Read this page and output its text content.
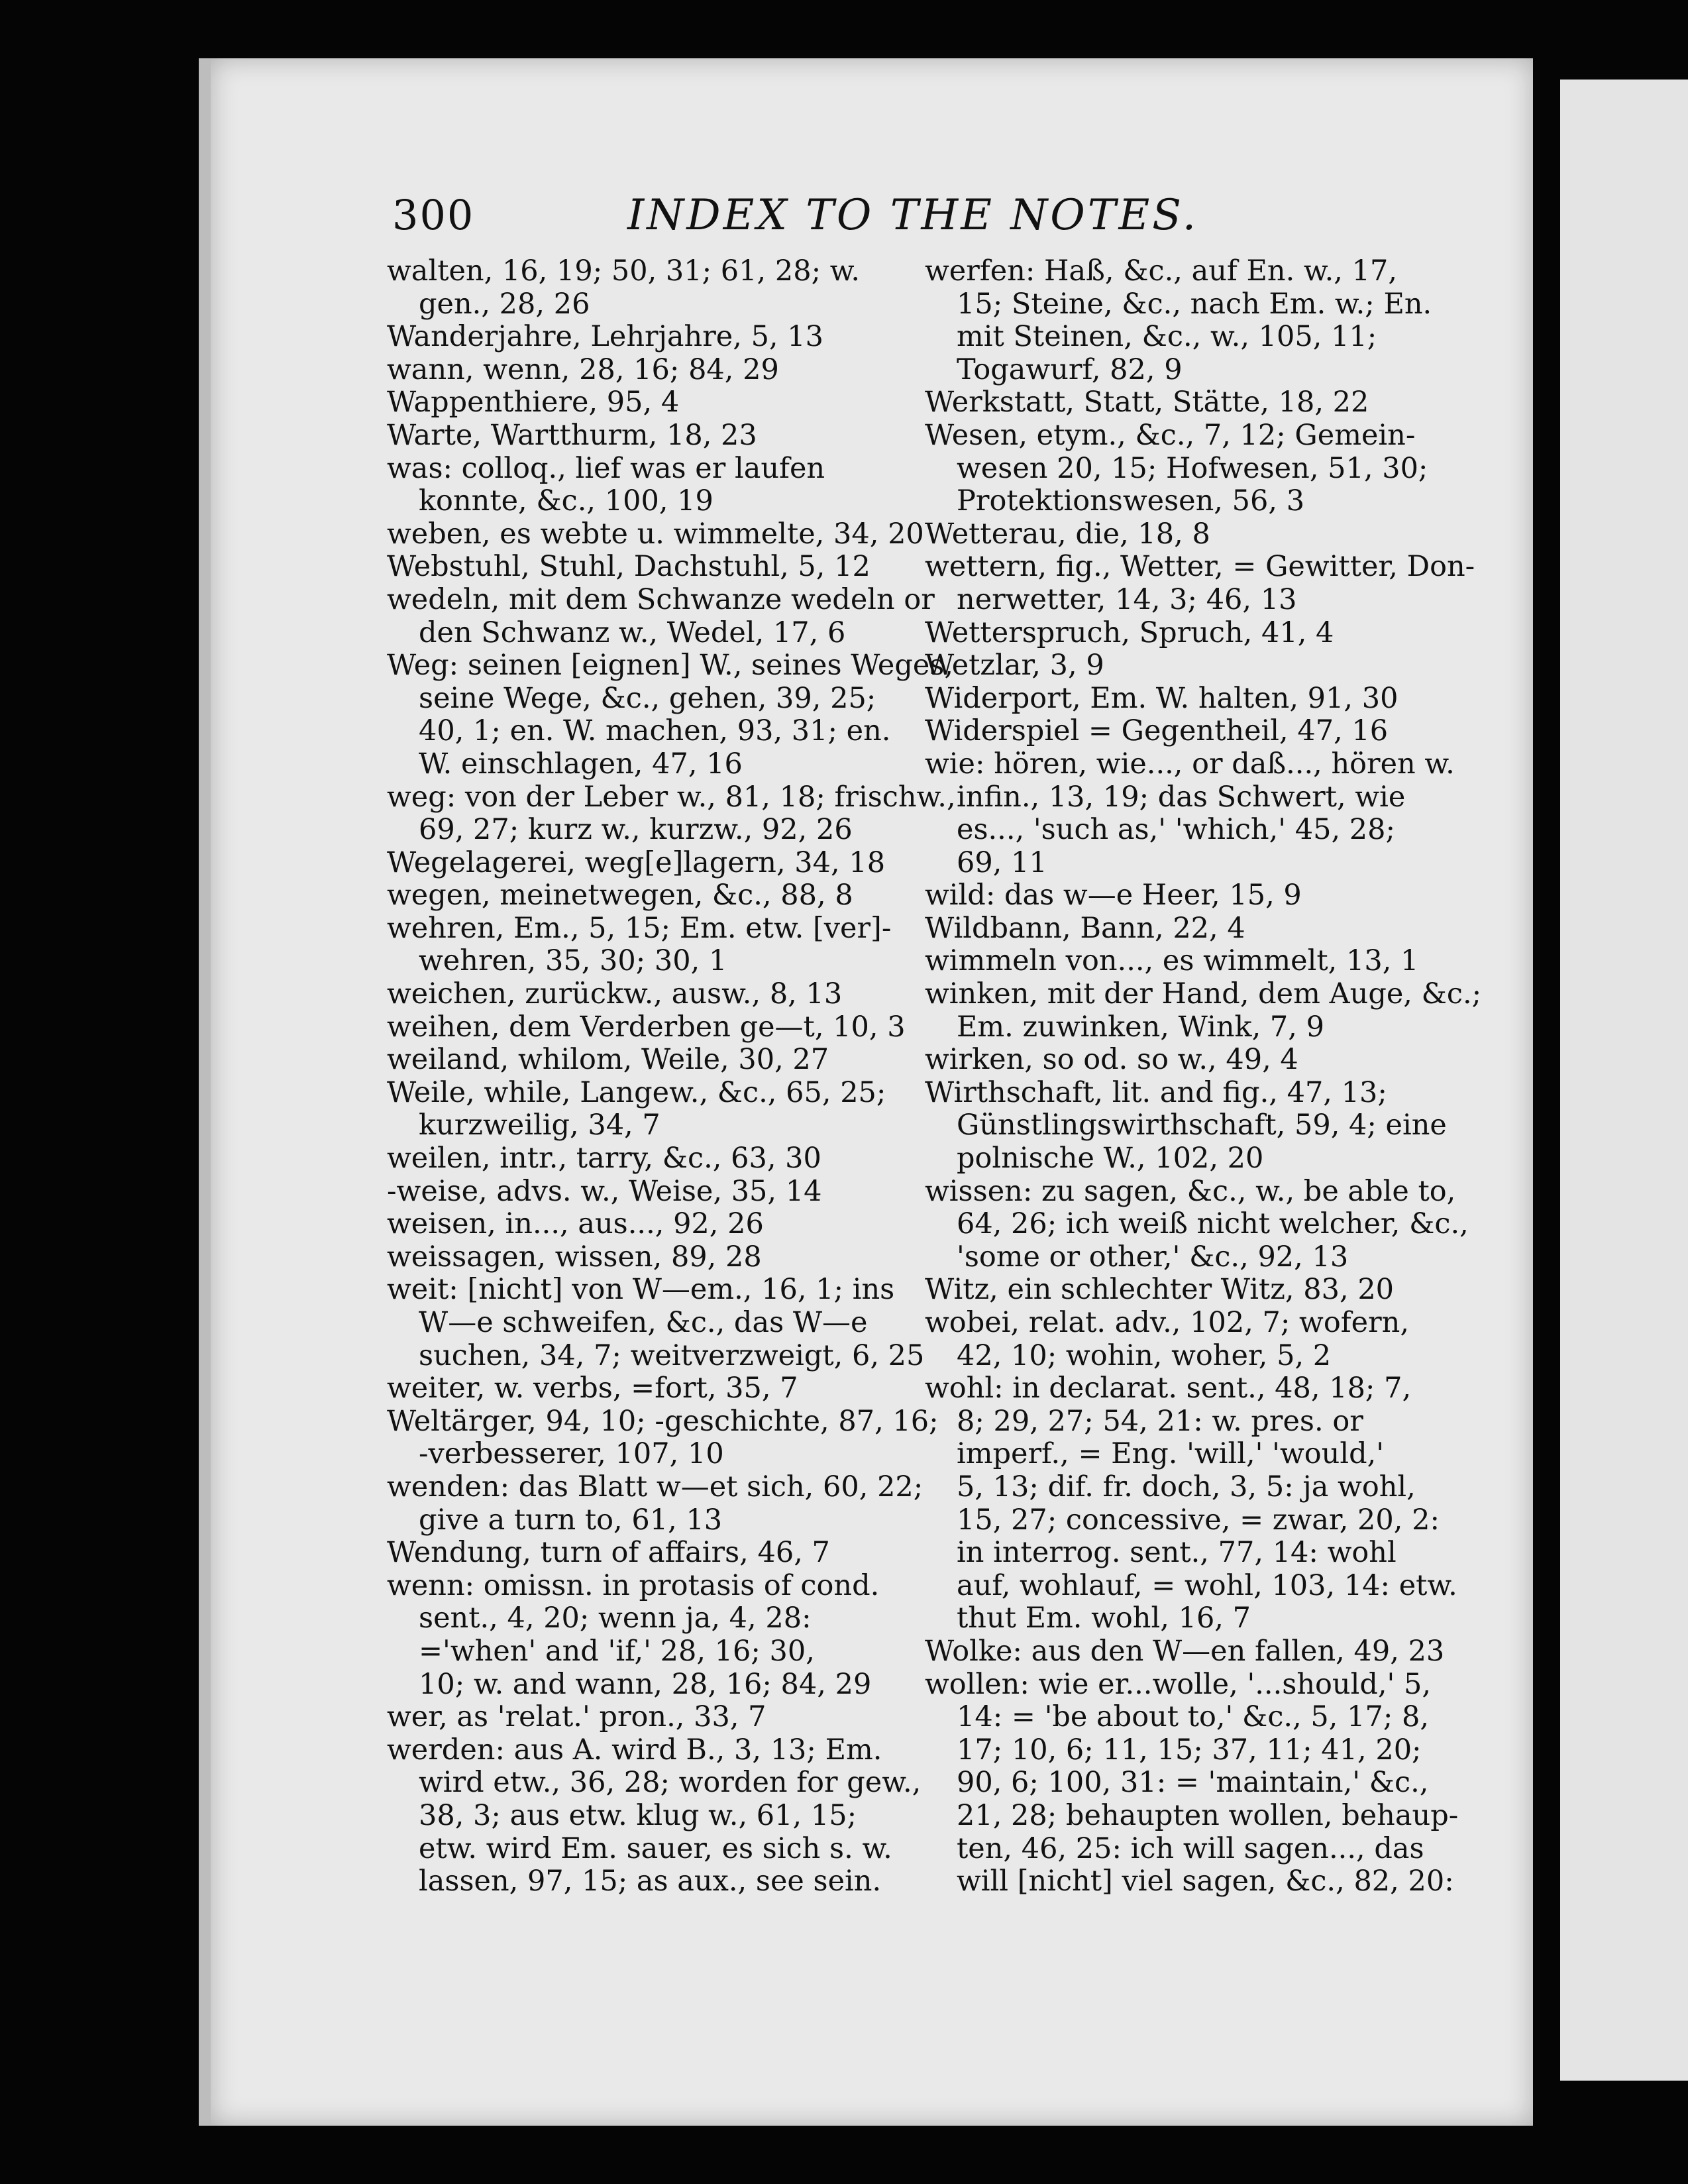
300	INDEX TO THE NOTES.
walten, 16, 19; 50, 31; 61, 28; w.
gen., 28, 26
Wanderjahre, Lehrjahre, 5, 13
wann, wenn, 28, 16; 84, 29
Wappenthiere, 95, 4
Warte, Wartthurm, 18, 23
was: colloq., lief was er laufen
konnte, &c., 100, 19
weben, es webte u. wimmelte, 34, 20
Webstuhl, Stuhl, Dachstuhl, 5, 12
wedeln, mit dem Schwanze wedeln or
den Schwanz w., Wedel, 17, 6
Weg: seinen [eignen] W., seines Weges,
seine Wege, &c., gehen, 39, 25;
40, 1; en. W. machen, 93, 31; en.
W. einschlagen, 47, 16
weg: von der Leber w., 81, 18; frischw.,
69, 27; kurz w., kurzw., 92, 26
Wegelagerei, weg[e]lagern, 34, 18
wegen, meinetwegen, &c., 88, 8
wehren, Em., 5, 15; Em. etw. [ver]-
wehren, 35, 30; 30, 1
weichen, zurückw., ausw., 8, 13
weihen, dem Verderben ge—t, 10, 3
weiland, whilom, Weile, 30, 27
Weile, while, Langew., &c., 65, 25;
kurzweilig, 34, 7
weilen, intr., tarry, &c., 63, 30
-weise, advs. w., Weise, 35, 14
weisen, in..., aus..., 92, 26
weissagen, wissen, 89, 28
weit: [nicht] von W—em., 16, 1; ins
W—e schweifen, &c., das W—e
suchen, 34, 7; weitverzweigt, 6, 25
weiter, w. verbs, =fort, 35, 7
Weltärger, 94, 10; -geschichte, 87, 16;
-verbesserer, 107, 10
wenden: das Blatt w—et sich, 60, 22;
give a turn to, 61, 13
Wendung, turn of affairs, 46, 7
wenn: omissn. in protasis of cond.
sent., 4, 20; wenn ja, 4, 28:
='when' and 'if,' 28, 16; 30,
10; w. and wann, 28, 16; 84, 29
wer, as 'relat.' pron., 33, 7
werden: aus A. wird B., 3, 13; Em.
wird etw., 36, 28; worden for gew.,
38, 3; aus etw. klug w., 61, 15;
etw. wird Em. sauer, es sich s. w.
lassen, 97, 15; as aux., see sein.
werfen: Haß, &c., auf En. w., 17,
15; Steine, &c., nach Em. w.; En.
mit Steinen, &c., w., 105, 11;
Togawurf, 82, 9
Werkstatt, Statt, Stätte, 18, 22
Wesen, etym., &c., 7, 12; Gemein-
wesen 20, 15; Hofwesen, 51, 30;
Protektionswesen, 56, 3
Wetterau, die, 18, 8
wettern, fig., Wetter, = Gewitter, Don-
nerwetter, 14, 3; 46, 13
Wetterspruch, Spruch, 41, 4
Wetzlar, 3, 9
Widerport, Em. W. halten, 91, 30
Widerspiel = Gegentheil, 47, 16
wie: hören, wie..., or daß..., hören w.
infin., 13, 19; das Schwert, wie
es..., 'such as,' 'which,' 45, 28;
69, 11
wild: das w—e Heer, 15, 9
Wildbann, Bann, 22, 4
wimmeln von..., es wimmelt, 13, 1
winken, mit der Hand, dem Auge, &c.;
Em. zuwinken, Wink, 7, 9
wirken, so od. so w., 49, 4
Wirthschaft, lit. and fig., 47, 13;
Günstlingswirthschaft, 59, 4; eine
polnische W., 102, 20
wissen: zu sagen, &c., w., be able to,
64, 26; ich weiß nicht welcher, &c.,
'some or other,' &c., 92, 13
Witz, ein schlechter Witz, 83, 20
wobei, relat. adv., 102, 7; wofern,
42, 10; wohin, woher, 5, 2
wohl: in declarat. sent., 48, 18; 7,
8; 29, 27; 54, 21: w. pres. or
imperf., = Eng. 'will,' 'would,'
5, 13; dif. fr. doch, 3, 5: ja wohl,
15, 27; concessive, = zwar, 20, 2:
in interrog. sent., 77, 14: wohl
auf, wohlauf, = wohl, 103, 14: etw.
thut Em. wohl, 16, 7
Wolke: aus den W—en fallen, 49, 23
wollen: wie er...wolle, '...should,' 5,
14: = 'be about to,' &c., 5, 17; 8,
17; 10, 6; 11, 15; 37, 11; 41, 20;
90, 6; 100, 31: = 'maintain,' &c.,
21, 28; behaupten wollen, behaup-
ten, 46, 25: ich will sagen..., das
will [nicht] viel sagen, &c., 82, 20:
